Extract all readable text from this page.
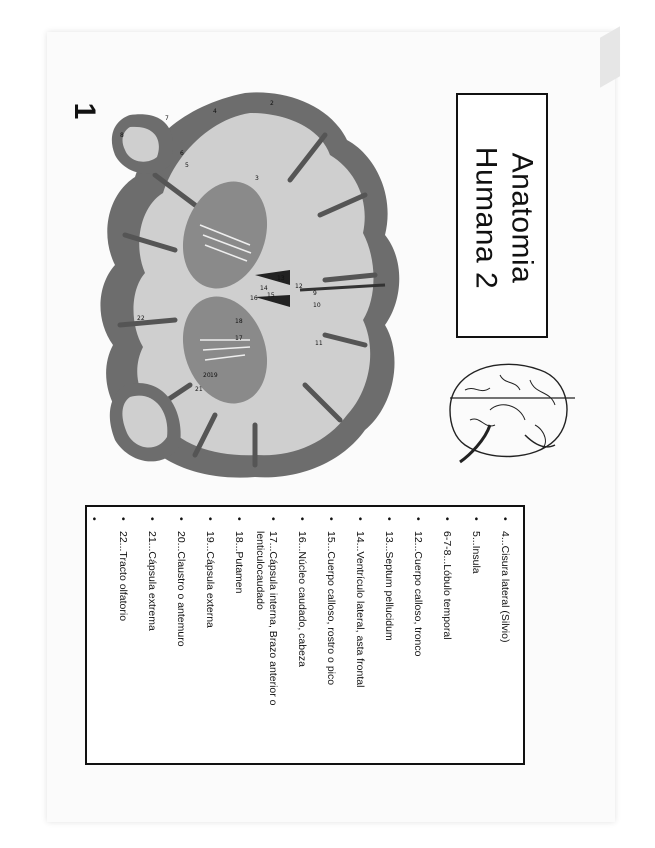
Anatomia
Humana 2
1	2
3
4
5
6
7
8
9
10
11
12
13
14
15
16
17
18
19
20
21
22
• 4...Cisura lateral (Silvio)
• 5...Insula
• 6-7-8...Lóbulo temporal
• 12...Cuerpo calloso, tronco
• 13...Septum pellucidum
• 14...Ventrículo lateral, asta frontal
• 15...Cuerpo calloso, rostro o pico
• 16...Núcleo caudado, cabeza
• 17...Cápsula interna, Brazo anterior o lenticulocaudado
• 18...Putamen
• 19...Cápsula externa
• 20...Claustro o antemuro
• 21...Cápsula extrema
• 22...Tracto olfatorio
•
